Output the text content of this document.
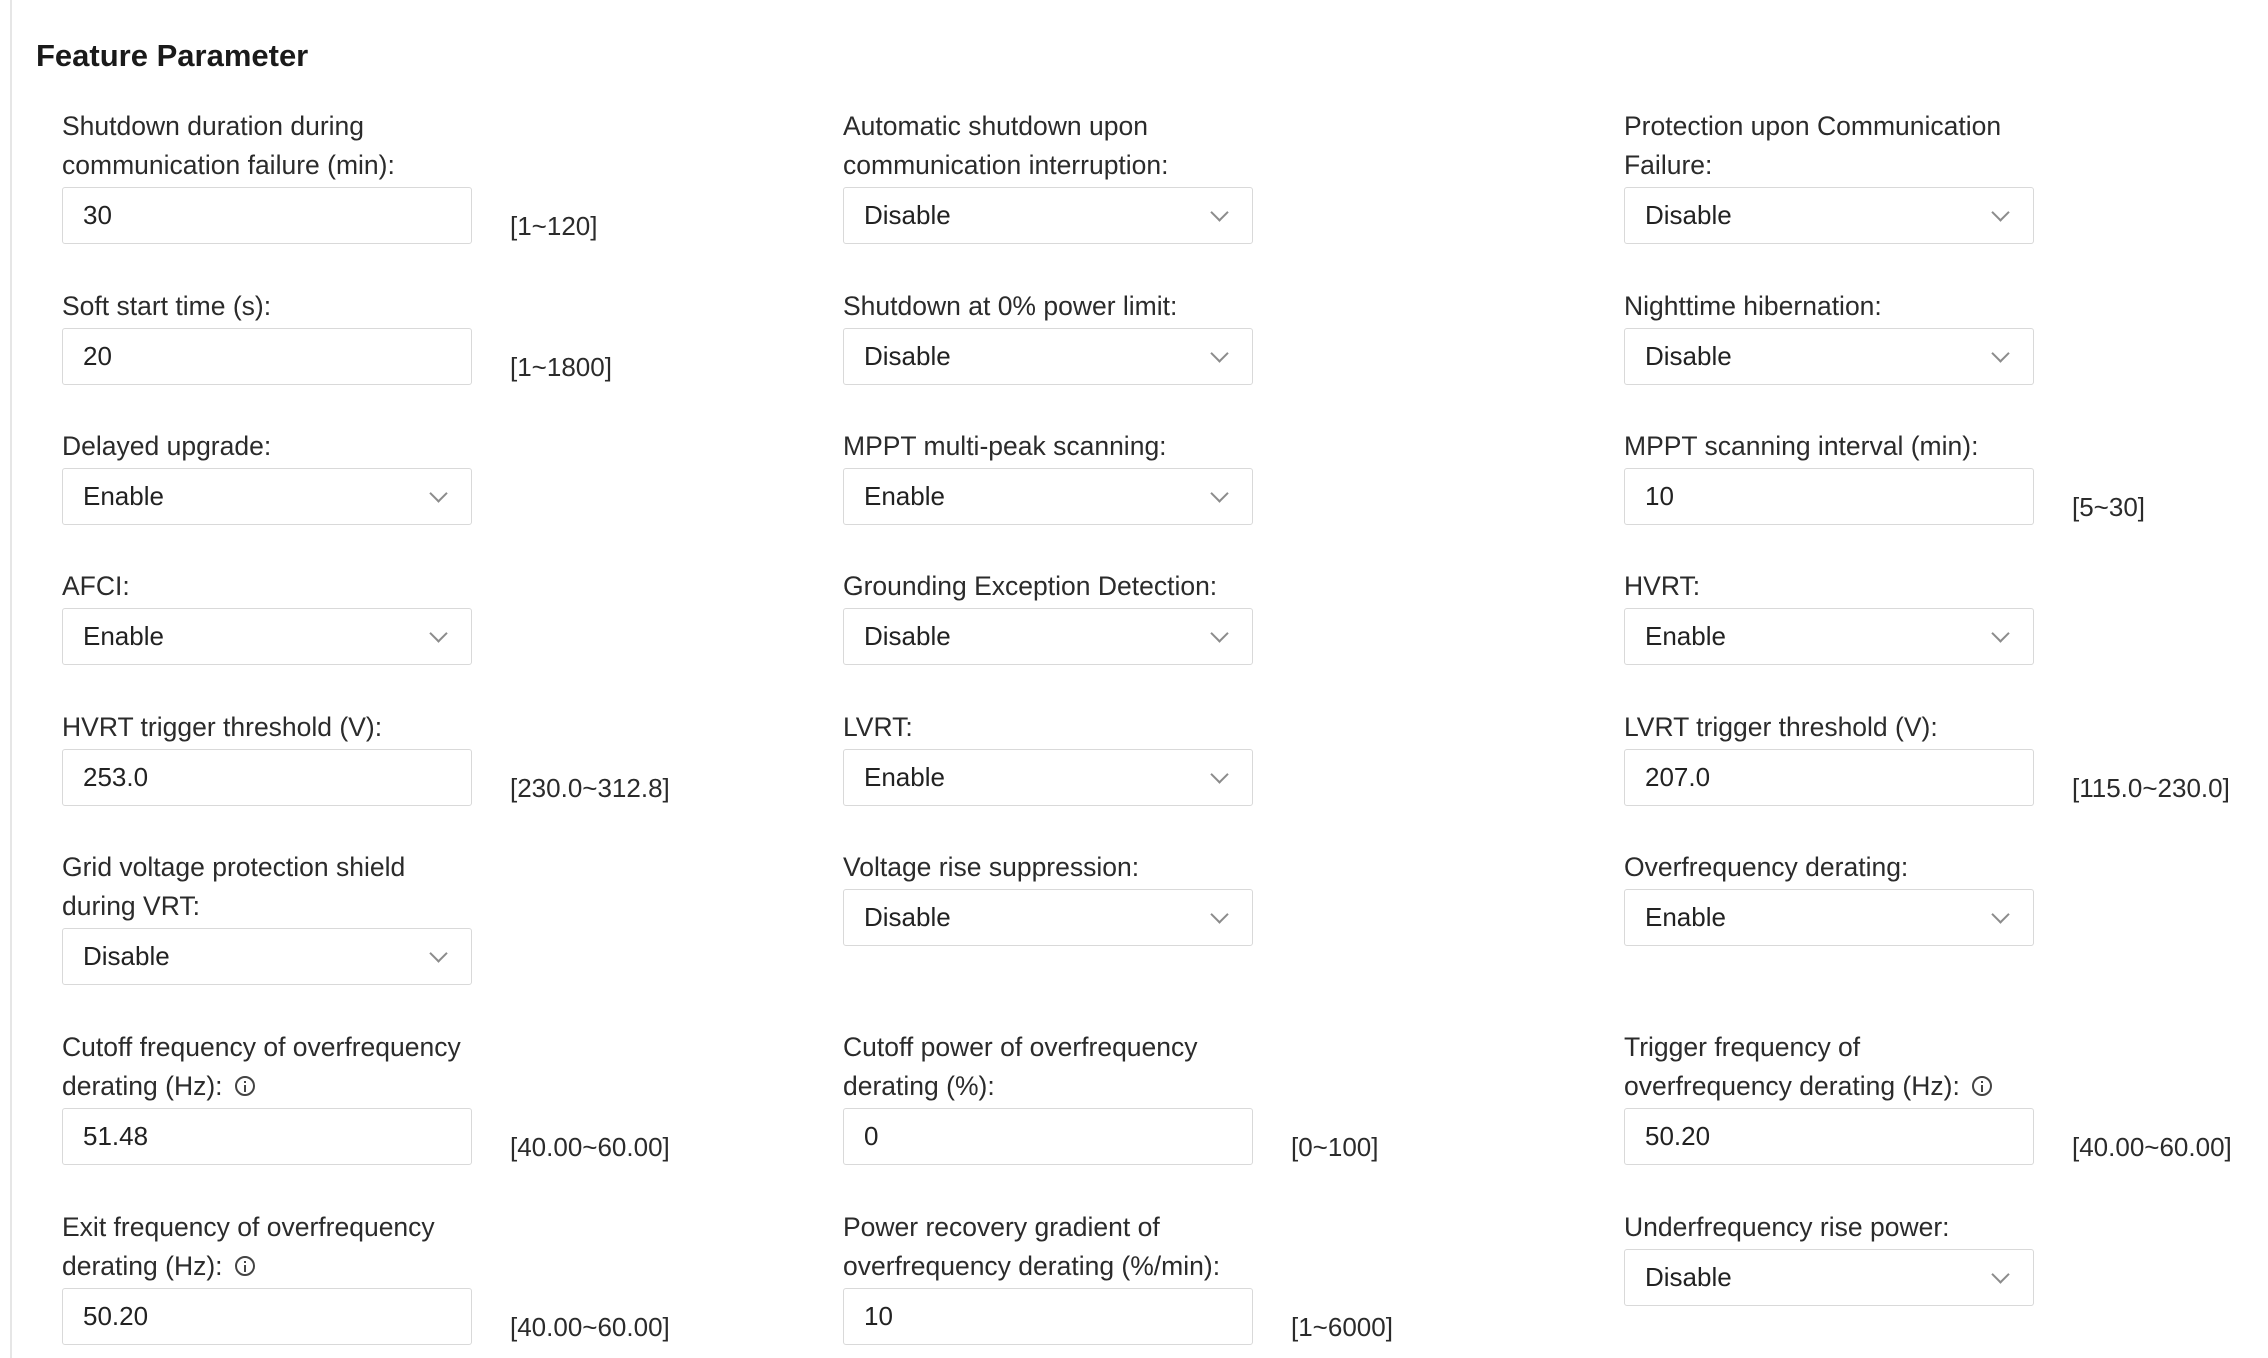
Feature Parameter
Shutdown duration during
communication failure (min):
30
[1~120]
Automatic shutdown upon
communication interruption:
Disable
Protection upon Communication
Failure:
Disable
Soft start time (s):
20
[1~1800]
Shutdown at 0% power limit:
Disable
Nighttime hibernation:
Disable
Delayed upgrade:
Enable
MPPT multi-peak scanning:
Enable
MPPT scanning interval (min):
10
[5~30]
AFCI:
Enable
Grounding Exception Detection:
Disable
HVRT:
Enable
HVRT trigger threshold (V):
253.0
[230.0~312.8]
LVRT:
Enable
LVRT trigger threshold (V):
207.0
[115.0~230.0]
Grid voltage protection shield
during VRT:
Disable
Voltage rise suppression:
Disable
Overfrequency derating:
Enable
Cutoff frequency of overfrequency
derating (Hz):
51.48
[40.00~60.00]
Cutoff power of overfrequency
derating (%):
0
[0~100]
Trigger frequency of
overfrequency derating (Hz):
50.20
[40.00~60.00]
Exit frequency of overfrequency
derating (Hz):
50.20
[40.00~60.00]
Power recovery gradient of
overfrequency derating (%/min):
10
[1~6000]
Underfrequency rise power:
Disable
